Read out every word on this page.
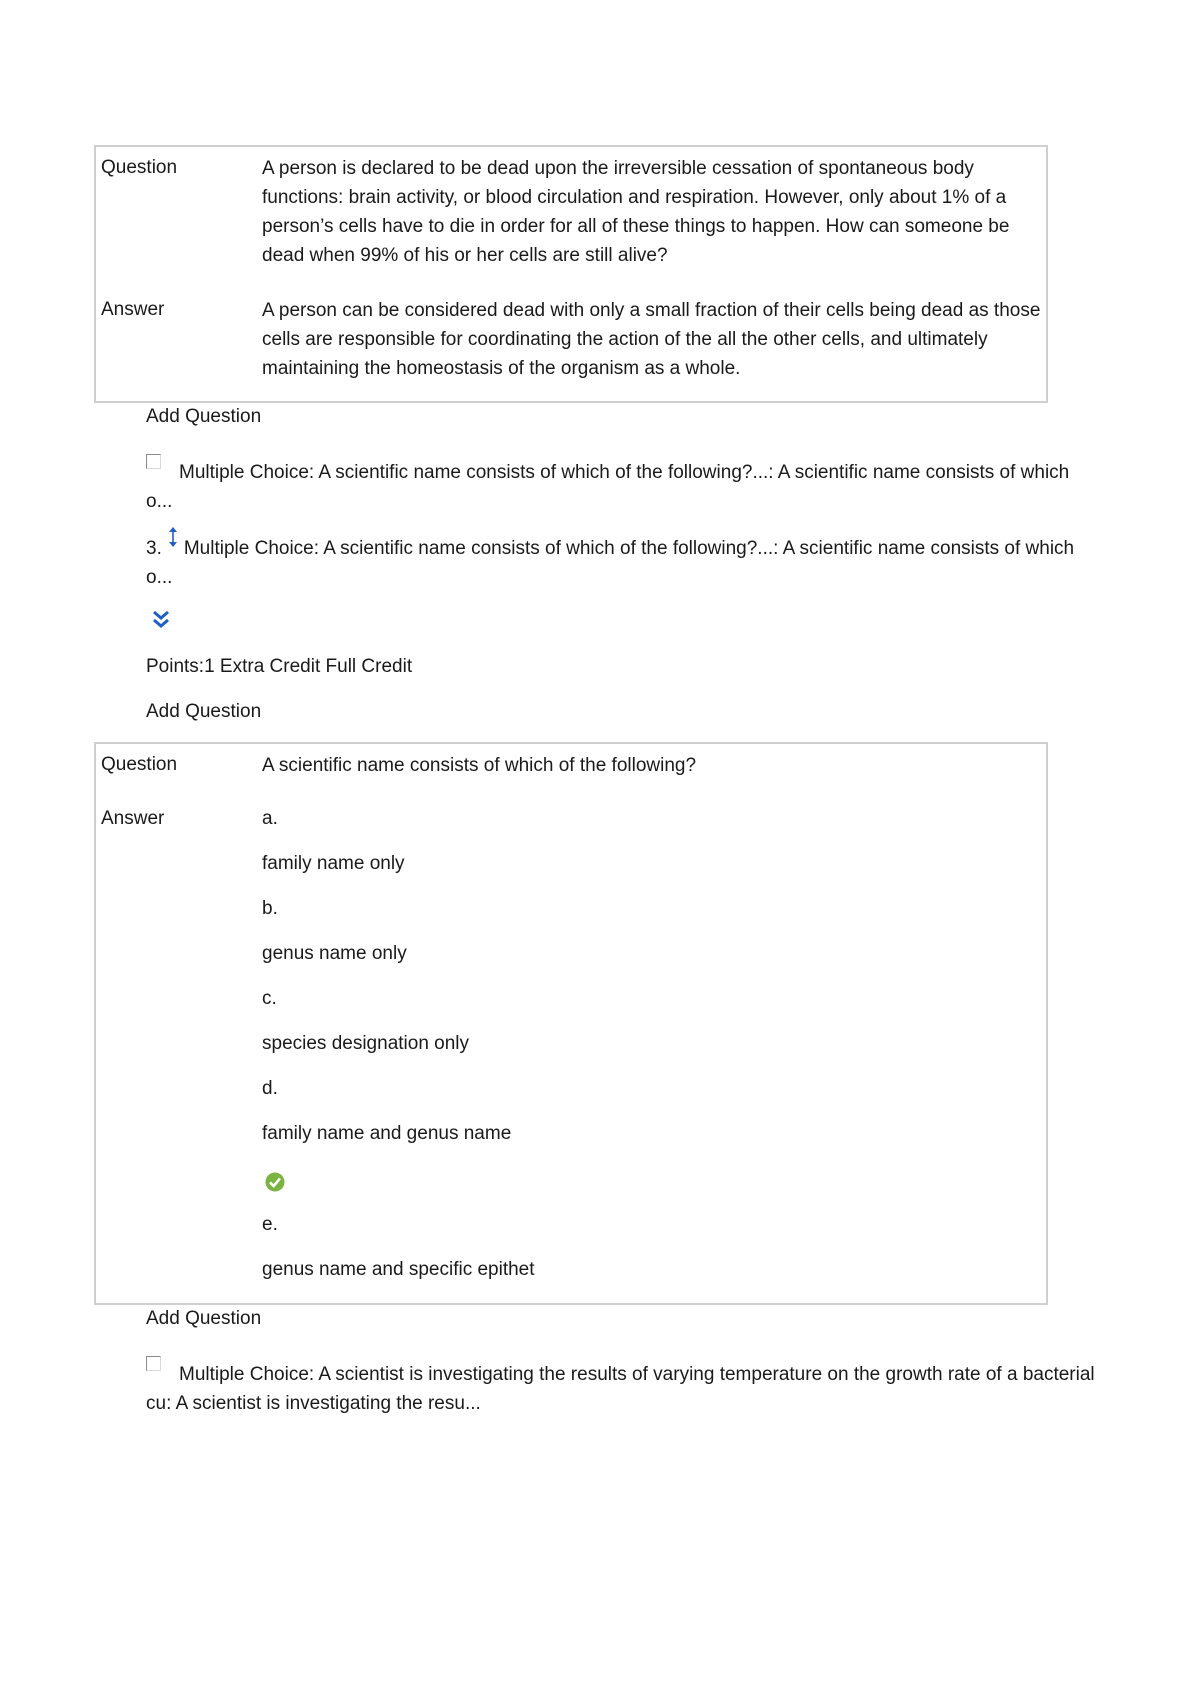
Question	A person is declared to be dead upon the irreversible cessation of spontaneous body functions: brain activity, or blood circulation and respiration. However, only about 1% of a person’s cells have to die in order for all of these things to happen. How can someone be dead when 99% of his or her cells are still alive?
Answer	A person can be considered dead with only a small fraction of their cells being dead as those cells are responsible for coordinating the action of the all the other cells, and ultimately maintaining the homeostasis of the organism as a whole.
Add Question
Multiple Choice: A scientific name consists of which of the following?...: A scientific name consists of which o...
3. Multiple Choice: A scientific name consists of which of the following?...: A scientific name consists of which o...
Points:1 Extra Credit Full Credit
Add Question
Question	A scientific name consists of which of the following?
Answer	a.
family name only
b.
genus name only
c.
species designation only
d.
family name and genus name
e.
genus name and specific epithet
Add Question
Multiple Choice: A scientist is investigating the results of varying temperature on the growth rate of a bacterial cu: A scientist is investigating the resu...
